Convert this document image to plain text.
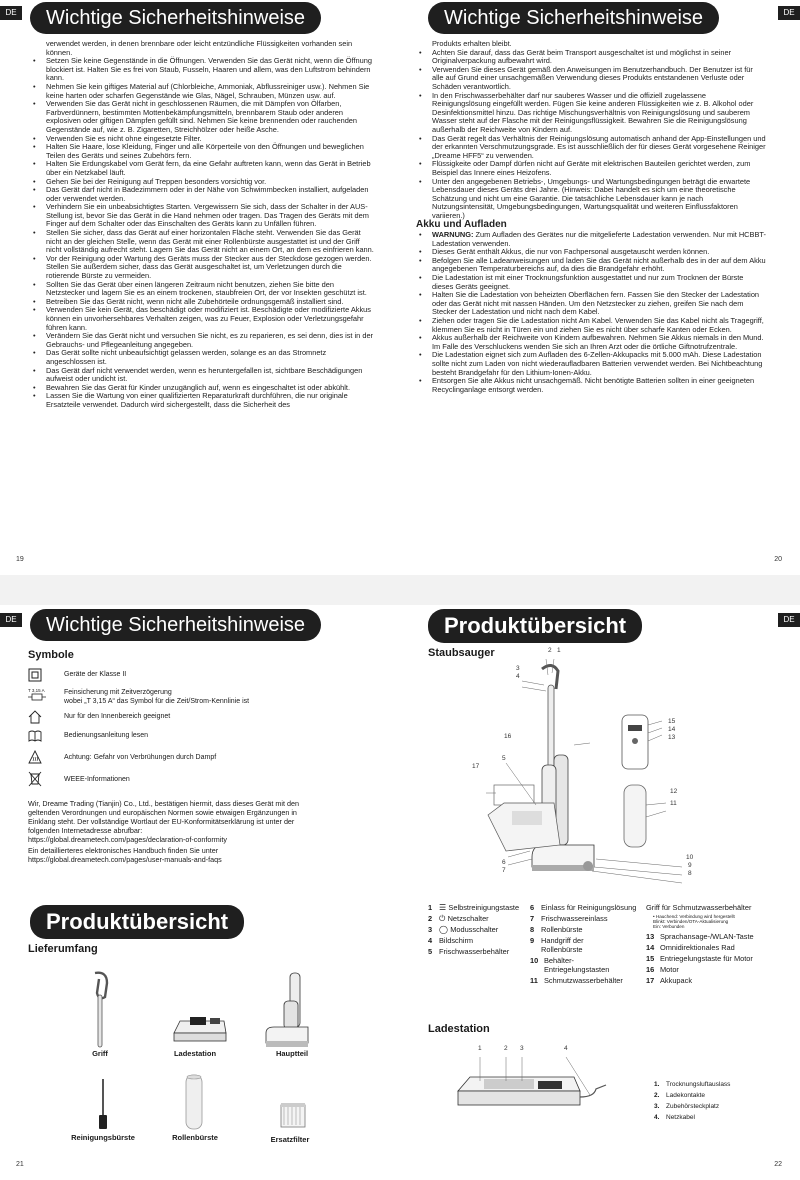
DE	Wichtige Sicherheitshinweise
verwendet werden, in denen brennbare oder leicht entzündliche Flüssigkeiten vorhanden sein können.
• Setzen Sie keine Gegenstände in die Öffnungen. Verwenden Sie das Gerät nicht, wenn die Öffnung blockiert ist. Halten Sie es frei von Staub, Fusseln, Haaren und allem, was den Luftstrom behindern kann.
• Nehmen Sie kein giftiges Material auf (Chlorbleiche, Ammoniak, Abflussreiniger usw.). Nehmen Sie keine harten oder scharfen Gegenstände wie Glas, Nägel, Schrauben, Münzen usw. auf.
• Verwenden Sie das Gerät nicht in geschlossenen Räumen, die mit Dämpfen von Ölfarben, Farbverdünnern, bestimmten Mottenbekämpfungsmitteln, brennbarem Staub oder anderen explosiven oder giftigen Dämpfen gefüllt sind. Nehmen Sie keine brennenden oder rauchenden Gegenstände auf, wie z. B. Zigaretten, Streichhölzer oder heiße Asche.
• Verwenden Sie es nicht ohne eingesetzte Filter.
• Halten Sie Haare, lose Kleidung, Finger und alle Körperteile von den Öffnungen und beweglichen Teilen des Geräts und seines Zubehörs fern.
• Halten Sie Erdungskabel vom Gerät fern, da eine Gefahr auftreten kann, wenn das Gerät in Betrieb über ein Netzkabel läuft.
• Gehen Sie bei der Reinigung auf Treppen besonders vorsichtig vor.
• Das Gerät darf nicht in Badezimmern oder in der Nähe von Schwimmbecken installiert, aufgeladen oder verwendet werden.
• Verhindern Sie ein unbeabsichtigtes Starten. Vergewissern Sie sich, dass der Schalter in der AUS-Stellung ist, bevor Sie das Gerät in die Hand nehmen oder tragen. Das Tragen des Geräts mit dem Finger auf dem Schalter oder das Einschalten des Geräts kann zu Unfällen führen.
• Stellen Sie sicher, dass das Gerät auf einer horizontalen Fläche steht. Verwenden Sie das Gerät nicht an der gleichen Stelle, wenn das Gerät mit einer Rollenbürste ausgestattet ist und der Griff nicht vollständig aufrecht steht. Lagern Sie das Gerät nicht an einem Ort, an dem es einfrieren kann.
• Vor der Reinigung oder Wartung des Geräts muss der Stecker aus der Steckdose gezogen werden. Stellen Sie außerdem sicher, dass das Gerät ausgeschaltet ist, um Verletzungen durch die rotierende Bürste zu vermeiden.
• Sollten Sie das Gerät über einen längeren Zeitraum nicht benutzen, ziehen Sie bitte den Netzstecker und lagern Sie es an einem trockenen, staubfreien Ort, der vor Insekten geschützt ist.
• Betreiben Sie das Gerät nicht, wenn nicht alle Zubehörteile ordnungsgemäß installiert sind.
• Verwenden Sie kein Gerät, das beschädigt oder modifiziert ist. Beschädigte oder modifizierte Akkus können ein unvorhersehbares Verhalten zeigen, was zu Feuer, Explosion oder Verletzungsgefahr führen kann.
• Verändern Sie das Gerät nicht und versuchen Sie nicht, es zu reparieren, es sei denn, dies ist in der Gebrauchs- und Pflegeanleitung angegeben.
• Das Gerät sollte nicht unbeaufsichtigt gelassen werden, solange es an das Stromnetz angeschlossen ist.
• Das Gerät darf nicht verwendet werden, wenn es heruntergefallen ist, sichtbare Beschädigungen aufweist oder undicht ist.
• Bewahren Sie das Gerät für Kinder unzugänglich auf, wenn es eingeschaltet ist oder abkühlt.
• Lassen Sie die Wartung von einer qualifizierten Reparaturkraft durchführen, die nur originale Ersatzteile verwendet. Dadurch wird sichergestellt, dass die Sicherheit des
19
Wichtige Sicherheitshinweise	DE
Produkts erhalten bleibt.
• Achten Sie darauf, dass das Gerät beim Transport ausgeschaltet ist und möglichst in seiner Originalverpackung aufbewahrt wird.
• Verwenden Sie dieses Gerät gemäß den Anweisungen im Benutzerhandbuch. Der Benutzer ist für alle auf Grund einer unsachgemäßen Verwendung dieses Produkts entstandenen Verluste oder Schäden verantwortlich.
• In den Frischwasserbehälter darf nur sauberes Wasser und die offiziell zugelassene Reinigungslösung eingefüllt werden. Fügen Sie keine anderen Flüssigkeiten wie z. B. Alkohol oder Desinfektionsmittel hinzu. Das richtige Mischungsverhältnis von Reinigungslösung und sauberem Wasser steht auf der Flasche mit der Reinigungsflüssigkeit. Bewahren Sie die Reinigungslösung außerhalb der Reichweite von Kindern auf.
• Das Gerät regelt das Verhältnis der Reinigungslösung automatisch anhand der App-Einstellungen und der erkannten Verschmutzungsgrade. Es ist ausschließlich der für dieses Gerät vorgesehene Reiniger „Dreame HFF5“ zu verwenden.
• Flüssigkeite oder Dampf dürfen nicht auf Geräte mit elektrischen Bauteilen gerichtet werden, zum Beispiel das Innere eines Heizofens.
• Unter den angegebenen Betriebs-, Umgebungs- und Wartungsbedingungen beträgt die erwartete Lebensdauer dieses Geräts drei Jahre. (Hinweis: Dabei handelt es sich um eine theoretische Schätzung und nicht um eine Garantie. Die tatsächliche Lebensdauer kann je nach Nutzungsintensität, Umgebungsbedingungen, Wartungsqualität und weiteren Einflussfaktoren variieren.)
Akku und Aufladen
• WARNUNG: Zum Aufladen des Gerätes nur die mitgelieferte Ladestation verwenden. Nur mit HCBBT-Ladestation verwenden.
• Dieses Gerät enthält Akkus, die nur von Fachpersonal ausgetauscht werden können.
• Befolgen Sie alle Ladeanweisungen und laden Sie das Gerät nicht außerhalb des in der auf dem Akku angegebenen Temperaturbereichs auf, da dies die Brandgefahr erhöht.
• Die Ladestation ist mit einer Trocknungsfunktion ausgestattet und nur zum Trocknen der Bürste dieses Geräts geeignet.
• Halten Sie die Ladestation von beheizten Oberflächen fern. Fassen Sie den Stecker der Ladestation oder das Gerät nicht mit nassen Händen. Um den Netzstecker zu ziehen, greifen Sie nach dem Stecker der Ladestation und nicht nach dem Kabel.
• Ziehen oder tragen Sie die Ladestation nicht Am Kabel. Verwenden Sie das Kabel nicht als Tragegriff, klemmen Sie es nicht in Türen ein und ziehen Sie es nicht über scharfe Kanten oder Ecken.
• Akkus außerhalb der Reichweite von Kindern aufbewahren. Nehmen Sie Akkus niemals in den Mund. Im Falle des Verschluckens wenden Sie sich an Ihren Arzt oder die örtliche Giftnotrufzentrale.
• Die Ladestation eignet sich zum Aufladen des 6-Zellen-Akkupacks mit 5.000 mAh. Diese Ladestation sollte nicht zum Laden von nicht wiederaufladbaren Batterien verwendet werden. Bei Nichtbeachtung besteht Brandgefahr für den Lithium-Ionen-Akku.
• Entsorgen Sie alte Akkus nicht unsachgemäß. Nicht benötigte Batterien sollten in einer geeigneten Recyclinganlage entsorgt werden.
20
DE	Wichtige Sicherheitshinweise
Symbole
Geräte der Klasse II
T 3,15 A	Feinsicherung mit Zeitverzögerung
wobei „T 3,15 A“ das Symbol für die Zeit/Strom-Kennlinie ist
Nur für den Innenbereich geeignet
Bedienungsanleitung lesen
Achtung: Gefahr von Verbrühungen durch Dampf
WEEE-Informationen
Wir, Dreame Trading (Tianjin) Co., Ltd., bestätigen hiermit, dass dieses Gerät mit den
geltenden Verordnungen und europäischen Normen sowie etwaigen Ergänzungen in
Einklang steht. Der vollständige Wortlaut der EU-Konformitätserklärung ist unter der
folgenden Internetadresse abrufbar:
https://global.dreametech.com/pages/declaration-of-conformity
Ein detaillierteres elektronisches Handbuch finden Sie unter
https://global.dreametech.com/pages/user-manuals-and-faqs
Produktübersicht
Lieferumfang
Griff	Ladestation	Hauptteil
Reinigungsbürste	Rollenbürste	Ersatzfilter
21
Produktübersicht	DE
Staubsauger	2 1
3
4
5
6
7	8
9
10
11
12
13
14
15
16
17
1 ☰ Selbstreinigungstaste
2 ⏻ Netzschalter
3 ◯ Modusschalter
4 Bildschirm
5 Frischwasserbehälter
6 Einlass für Reinigungslösung
7 Frischwassereinlass
8 Rollenbürste
9 Handgriff der
Rollenbürste
10 Behälter-
Entriegelungstasten
11 Schmutzwasserbehälter
Griff für Schmutzwasserbehälter
• Hauchend: Verbindung wird hergestellt
Blinkt: Verbinden/OTA-Aktualisierung
Ein: Verbunden
13 Sprachansage-/WLAN-Taste
14 Omnidirektionales Rad
15 Entriegelungstaste für Motor
16 Motor
17 Akkupack
Ladestation
1	2 3	4
1. Trocknungsluftauslass
2. Ladekontakte
3. Zubehörsteckplatz
4. Netzkabel
22
